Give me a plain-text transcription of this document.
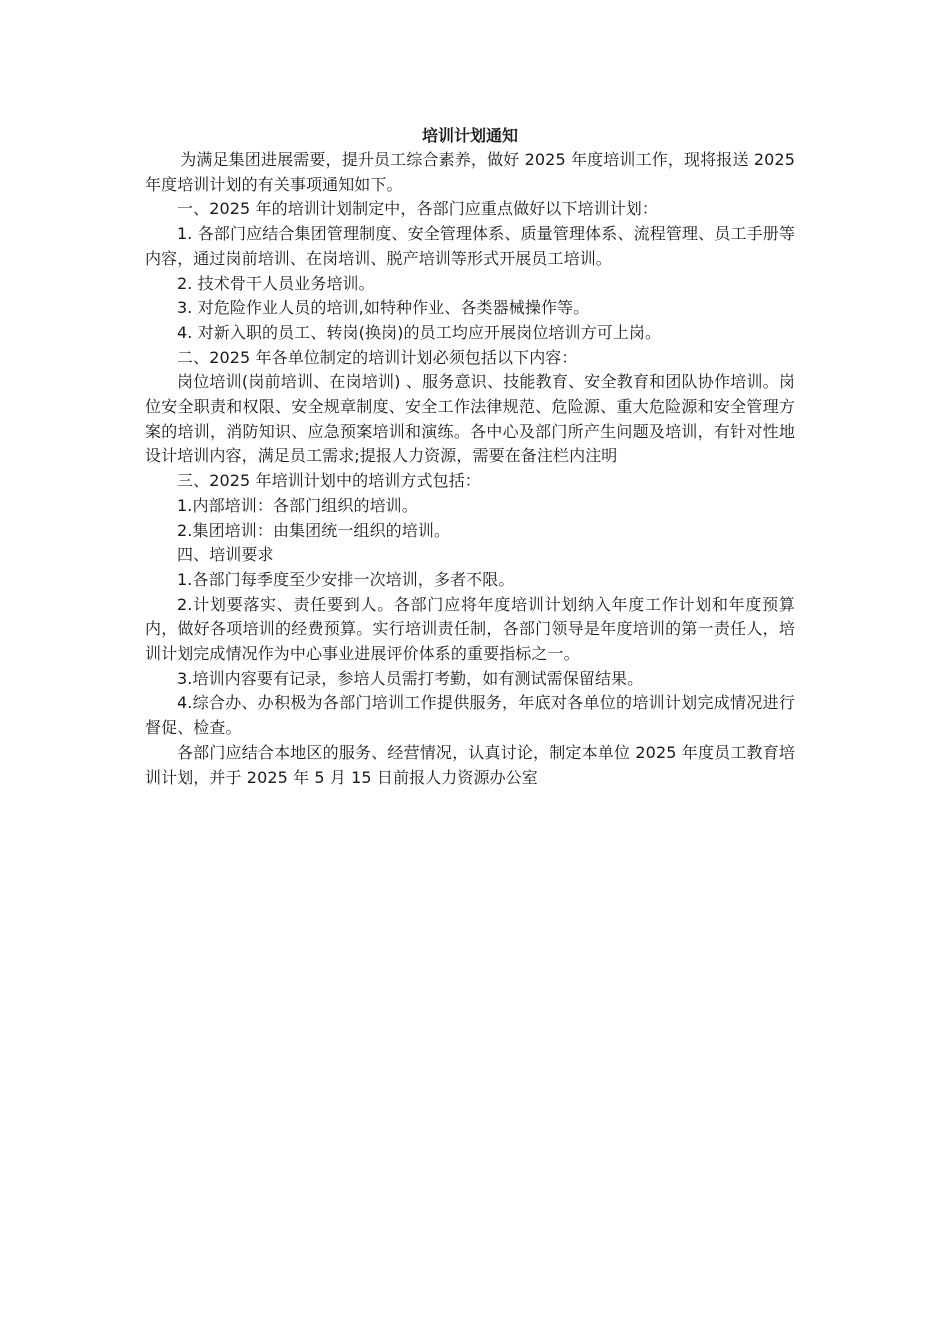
培训计划通知

为满足集团进展需要，提升员工综合素养，做好 2025 年度培训工作，现将报送 2025 年度培训计划的有关事项通知如下。

一、2025 年的培训计划制定中，各部门应重点做好以下培训计划：

1. 各部门应结合集团管理制度、安全管理体系、质量管理体系、流程管理、员工手册等内容，通过岗前培训、在岗培训、脱产培训等形式开展员工培训。

2. 技术骨干人员业务培训。

3. 对危险作业人员的培训,如特种作业、各类器械操作等。

4. 对新入职的员工、转岗(换岗)的员工均应开展岗位培训方可上岗。

二、2025 年各单位制定的培训计划必须包括以下内容：

岗位培训(岗前培训、在岗培训) 、服务意识、技能教育、安全教育和团队协作培训。岗位安全职责和权限、安全规章制度、安全工作法律规范、危险源、重大危险源和安全管理方案的培训，消防知识、应急预案培训和演练。各中心及部门所产生问题及培训，有针对性地设计培训内容，满足员工需求;提报人力资源，需要在备注栏内注明

三、2025 年培训计划中的培训方式包括：

1.内部培训：各部门组织的培训。

2.集团培训：由集团统一组织的培训。

四、培训要求

1.各部门每季度至少安排一次培训，多者不限。

2.计划要落实、责任要到人。各部门应将年度培训计划纳入年度工作计划和年度预算内，做好各项培训的经费预算。实行培训责任制，各部门领导是年度培训的第一责任人，培训计划完成情况作为中心事业进展评价体系的重要指标之一。

3.培训内容要有记录，参培人员需打考勤，如有测试需保留结果。

4.综合办、办积极为各部门培训工作提供服务，年底对各单位的培训计划完成情况进行督促、检查。

各部门应结合本地区的服务、经营情况，认真讨论，制定本单位 2025 年度员工教育培训计划，并于 2025 年 5 月 15 日前报人力资源办公室
